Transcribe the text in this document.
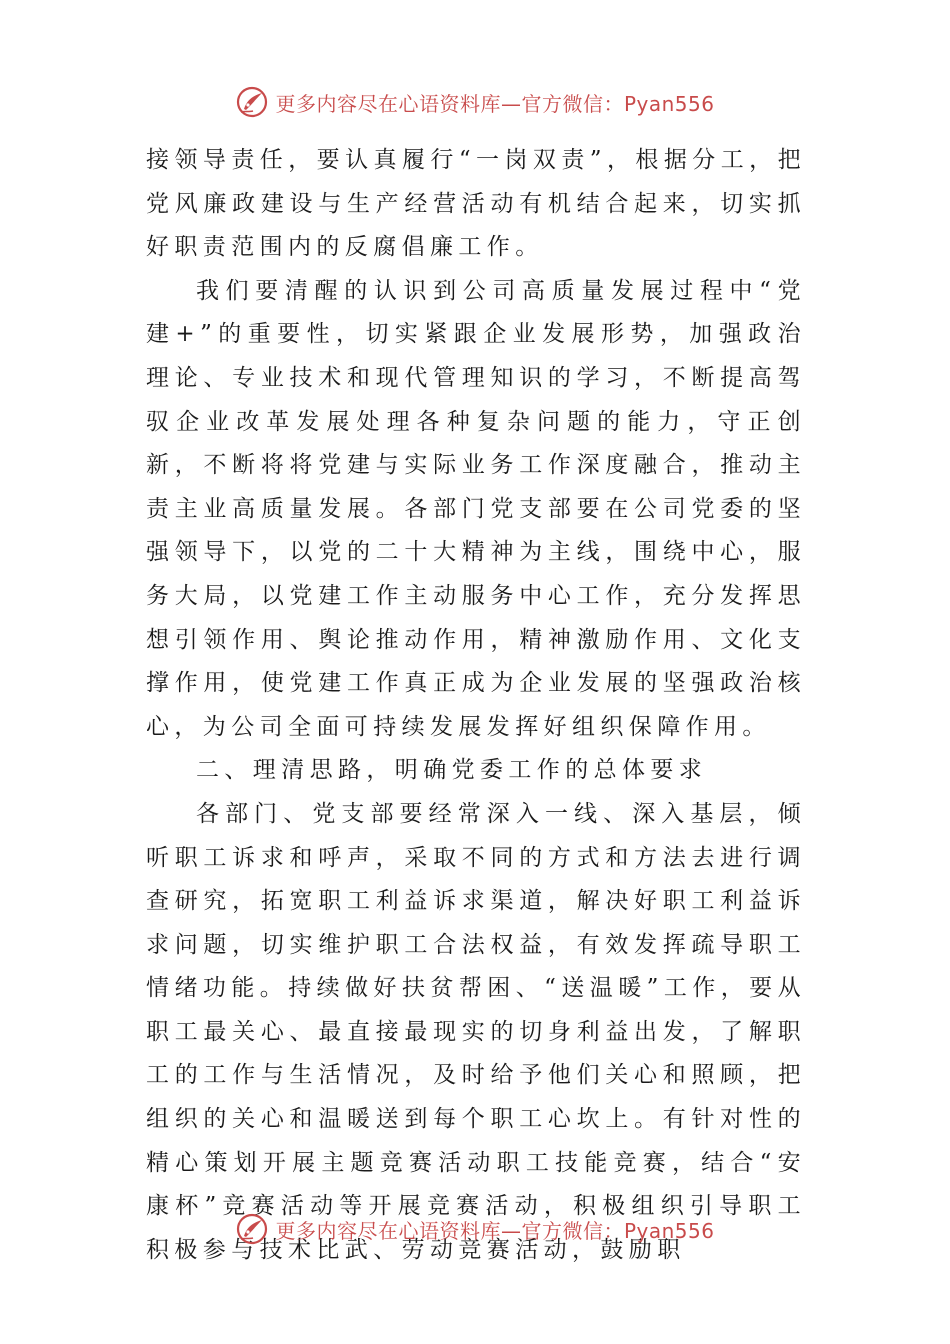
更多内容尽在心语资料库—官方微信：Pyan556

接领导责任，要认真履行“一岗双责”，根据分工，把党风廉政建设与生产经营活动有机结合起来，切实抓好职责范围内的反腐倡廉工作。

我们要清醒的认识到公司高质量发展过程中“党建+”的重要性，切实紧跟企业发展形势，加强政治理论、专业技术和现代管理知识的学习，不断提高驾驭企业改革发展处理各种复杂问题的能力，守正创新，不断将将党建与实际业务工作深度融合，推动主责主业高质量发展。各部门党支部要在公司党委的坚强领导下，以党的二十大精神为主线，围绕中心，服务大局，以党建工作主动服务中心工作，充分发挥思想引领作用、舆论推动作用，精神激励作用、文化支撑作用，使党建工作真正成为企业发展的坚强政治核心，为公司全面可持续发展发挥好组织保障作用。

二、理清思路，明确党委工作的总体要求

各部门、党支部要经常深入一线、深入基层，倾听职工诉求和呼声，采取不同的方式和方法去进行调查研究，拓宽职工利益诉求渠道，解决好职工利益诉求问题，切实维护职工合法权益，有效发挥疏导职工情绪功能。持续做好扶贫帮困、“送温暖”工作，要从职工最关心、最直接最现实的切身利益出发，了解职工的工作与生活情况，及时给予他们关心和照顾，把组织的关心和温暖送到每个职工心坎上。有针对性的精心策划开展主题竞赛活动职工技能竞赛，结合“安康杯”竞赛活动等开展竞赛活动，积极组织引导职工积极参与技术比武、劳动竞赛活动，鼓励职

更多内容尽在心语资料库—官方微信：Pyan556
